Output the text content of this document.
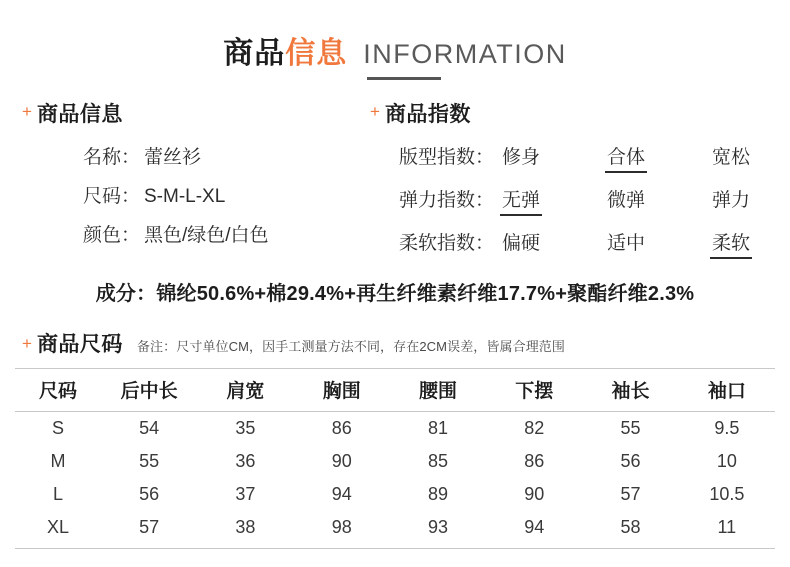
商品 信息 INFORMATION
+ 商品信息
名称： 蕾丝衫
尺码： S-M-L-XL
颜色： 黑色/绿色/白色
+ 商品指数
版型指数： 修身	合体	宽松
弹力指数： 无弹	微弹	弹力
柔软指数： 偏硬	适中	柔软
成分：锦纶50.6%+棉29.4%+再生纤维素纤维17.7%+聚酯纤维2.3%
+ 商品尺码 备注：尺寸单位CM，因手工测量方法不同，存在2CM误差，皆属合理范围
尺码	后中长	肩宽	胸围	腰围	下摆	袖长	袖口
S	54	35	86	81	82	55	9.5
M	55	36	90	85	86	56	10
L	56	37	94	89	90	57	10.5
XL	57	38	98	93	94	58	11
